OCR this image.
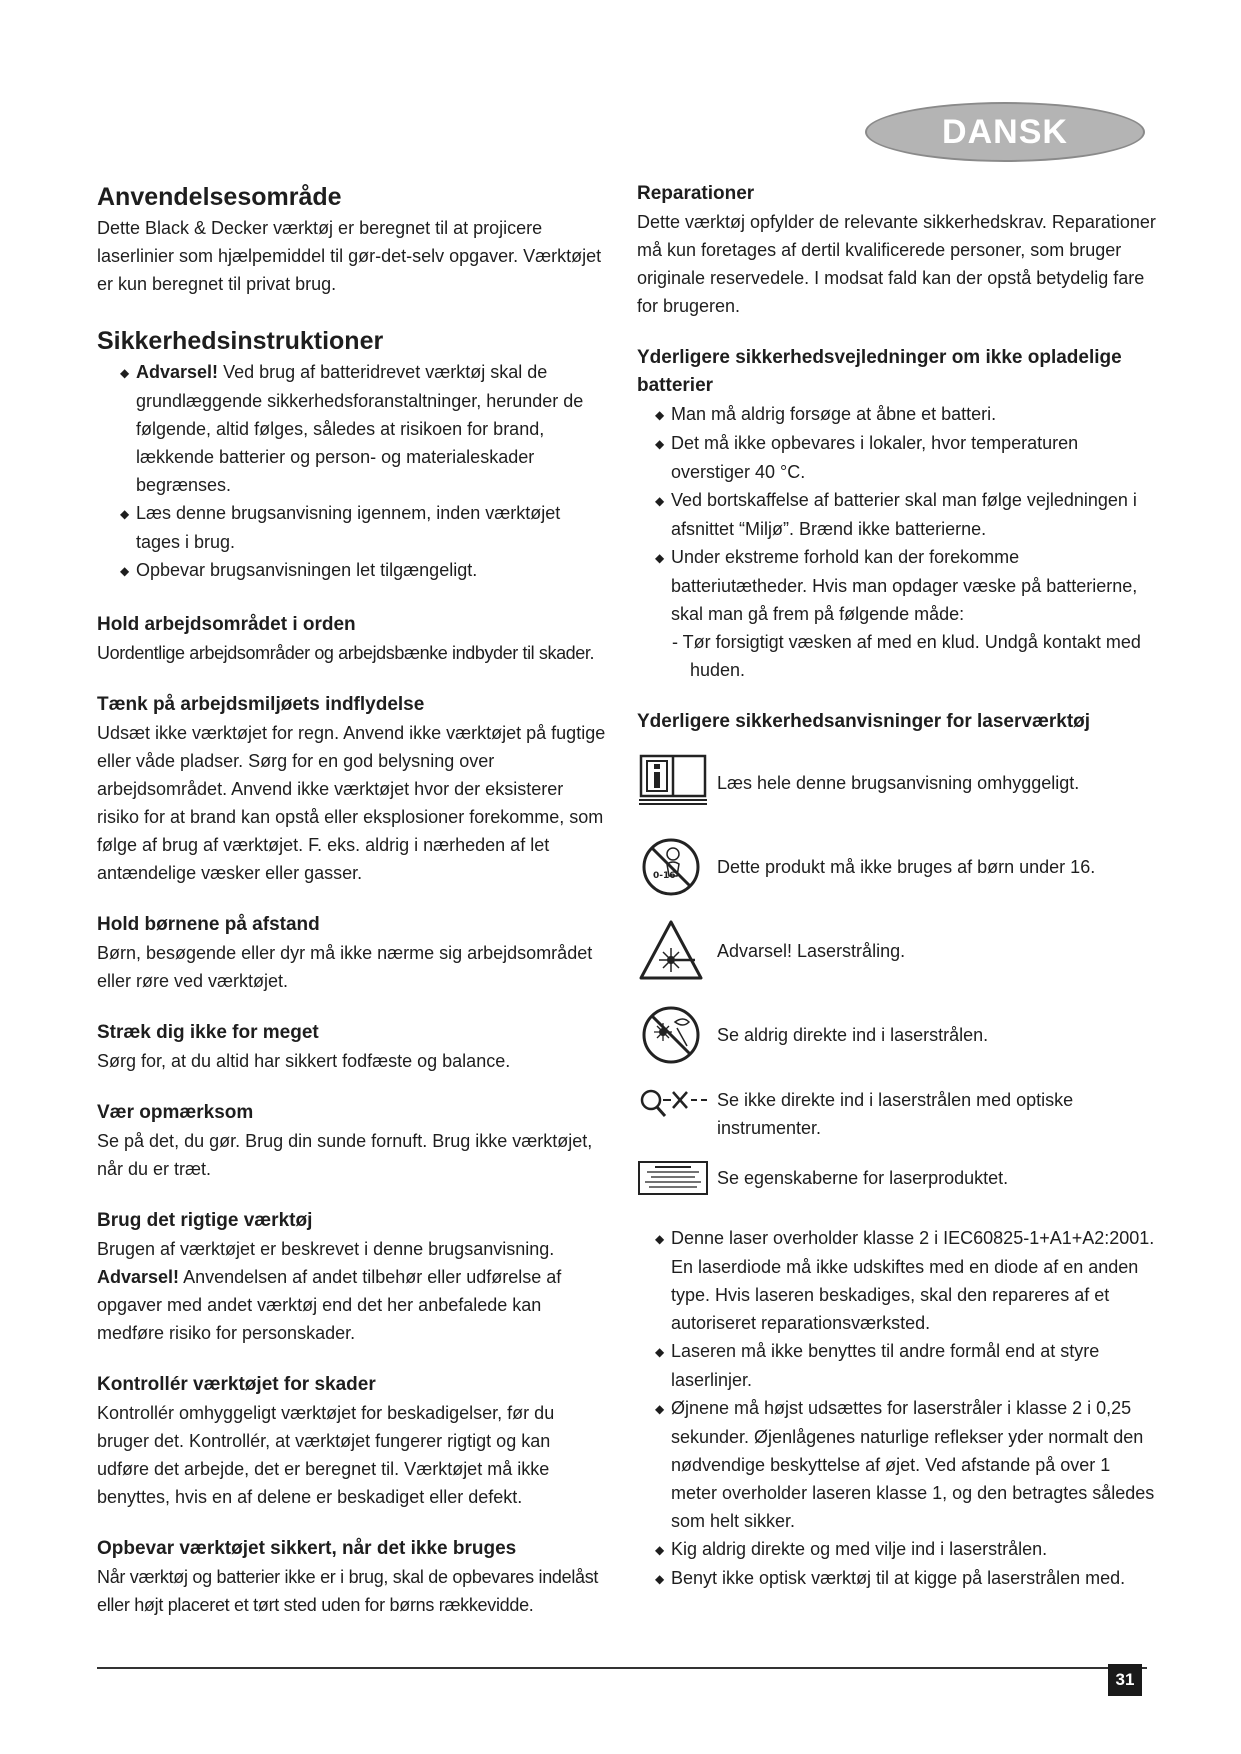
DANSK

Anvendelsesområde

Dette Black & Decker værktøj er beregnet til at projicere laserlinier som hjælpemiddel til gør-det-selv opgaver. Værktøjet er kun beregnet til privat brug.

Sikkerhedsinstruktioner

◆ Advarsel! Ved brug af batteridrevet værktøj skal de grundlæggende sikkerhedsforanstaltninger, herunder de følgende, altid følges, således at risikoen for brand, lækkende batterier og person- og materialeskader begrænses.
◆ Læs denne brugsanvisning igennem, inden værktøjet tages i brug.
◆ Opbevar brugsanvisningen let tilgængeligt.

Hold arbejdsområdet i orden

Uordentlige arbejdsområder og arbejdsbænke indbyder til skader.

Tænk på arbejdsmiljøets indflydelse

Udsæt ikke værktøjet for regn. Anvend ikke værktøjet på fugtige eller våde pladser. Sørg for en god belysning over arbejdsområdet. Anvend ikke værktøjet hvor der eksisterer risiko for at brand kan opstå eller eksplosioner forekomme, som følge af brug af værktøjet. F. eks. aldrig i nærheden af let antændelige væsker eller gasser.

Hold børnene på afstand

Børn, besøgende eller dyr må ikke nærme sig arbejdsområdet eller røre ved værktøjet.

Stræk dig ikke for meget

Sørg for, at du altid har sikkert fodfæste og balance.

Vær opmærksom

Se på det, du gør. Brug din sunde fornuft. Brug ikke værktøjet, når du er træt.

Brug det rigtige værktøj

Brugen af værktøjet er beskrevet i denne brugsanvisning. Advarsel! Anvendelsen af andet tilbehør eller udførelse af opgaver med andet værktøj end det her anbefalede kan medføre risiko for personskader.

Kontrollér værktøjet for skader

Kontrollér omhyggeligt værktøjet for beskadigelser, før du bruger det. Kontrollér, at værktøjet fungerer rigtigt og kan udføre det arbejde, det er beregnet til. Værktøjet må ikke benyttes, hvis en af delene er beskadiget eller defekt.

Opbevar værktøjet sikkert, når det ikke bruges

Når værktøj og batterier ikke er i brug, skal de opbevares indelåst eller højt placeret et tørt sted uden for børns rækkevidde.

Reparationer

Dette værktøj opfylder de relevante sikkerhedskrav. Reparationer må kun foretages af dertil kvalificerede personer, som bruger originale reservedele. I modsat fald kan der opstå betydelig fare for brugeren.

Yderligere sikkerhedsvejledninger om ikke opladelige batterier

◆ Man må aldrig forsøge at åbne et batteri.
◆ Det må ikke opbevares i lokaler, hvor temperaturen overstiger 40 °C.
◆ Ved bortskaffelse af batterier skal man følge vejledningen i afsnittet “Miljø”. Brænd ikke batterierne.
◆ Under ekstreme forhold kan der forekomme batteriutætheder. Hvis man opdager væske på batterierne, skal man gå frem på følgende måde:

- Tør forsigtigt væsken af med en klud. Undgå kontakt med huden.

Yderligere sikkerhedsanvisninger for laserværktøj

Læs hele denne brugsanvisning omhyggeligt.
0-16 Dette produkt må ikke bruges af børn under 16.
Advarsel! Laserstråling.
Se aldrig direkte ind i laserstrålen.
Se ikke direkte ind i laserstrålen med optiske instrumenter.
Se egenskaberne for laserproduktet.
◆ Denne laser overholder klasse 2 i IEC60825-1+A1+A2:2001. En laserdiode må ikke udskiftes med en diode af en anden type. Hvis laseren beskadiges, skal den repareres af et autoriseret reparationsværksted.
◆ Laseren må ikke benyttes til andre formål end at styre laserlinjer.
◆ Øjnene må højst udsættes for laserstråler i klasse 2 i 0,25 sekunder. Øjenlågenes naturlige reflekser yder normalt den nødvendige beskyttelse af øjet. Ved afstande på over 1 meter overholder laseren klasse 1, og den betragtes således som helt sikker.
◆ Kig aldrig direkte og med vilje ind i laserstrålen.
◆ Benyt ikke optisk værktøj til at kigge på laserstrålen med.
31
